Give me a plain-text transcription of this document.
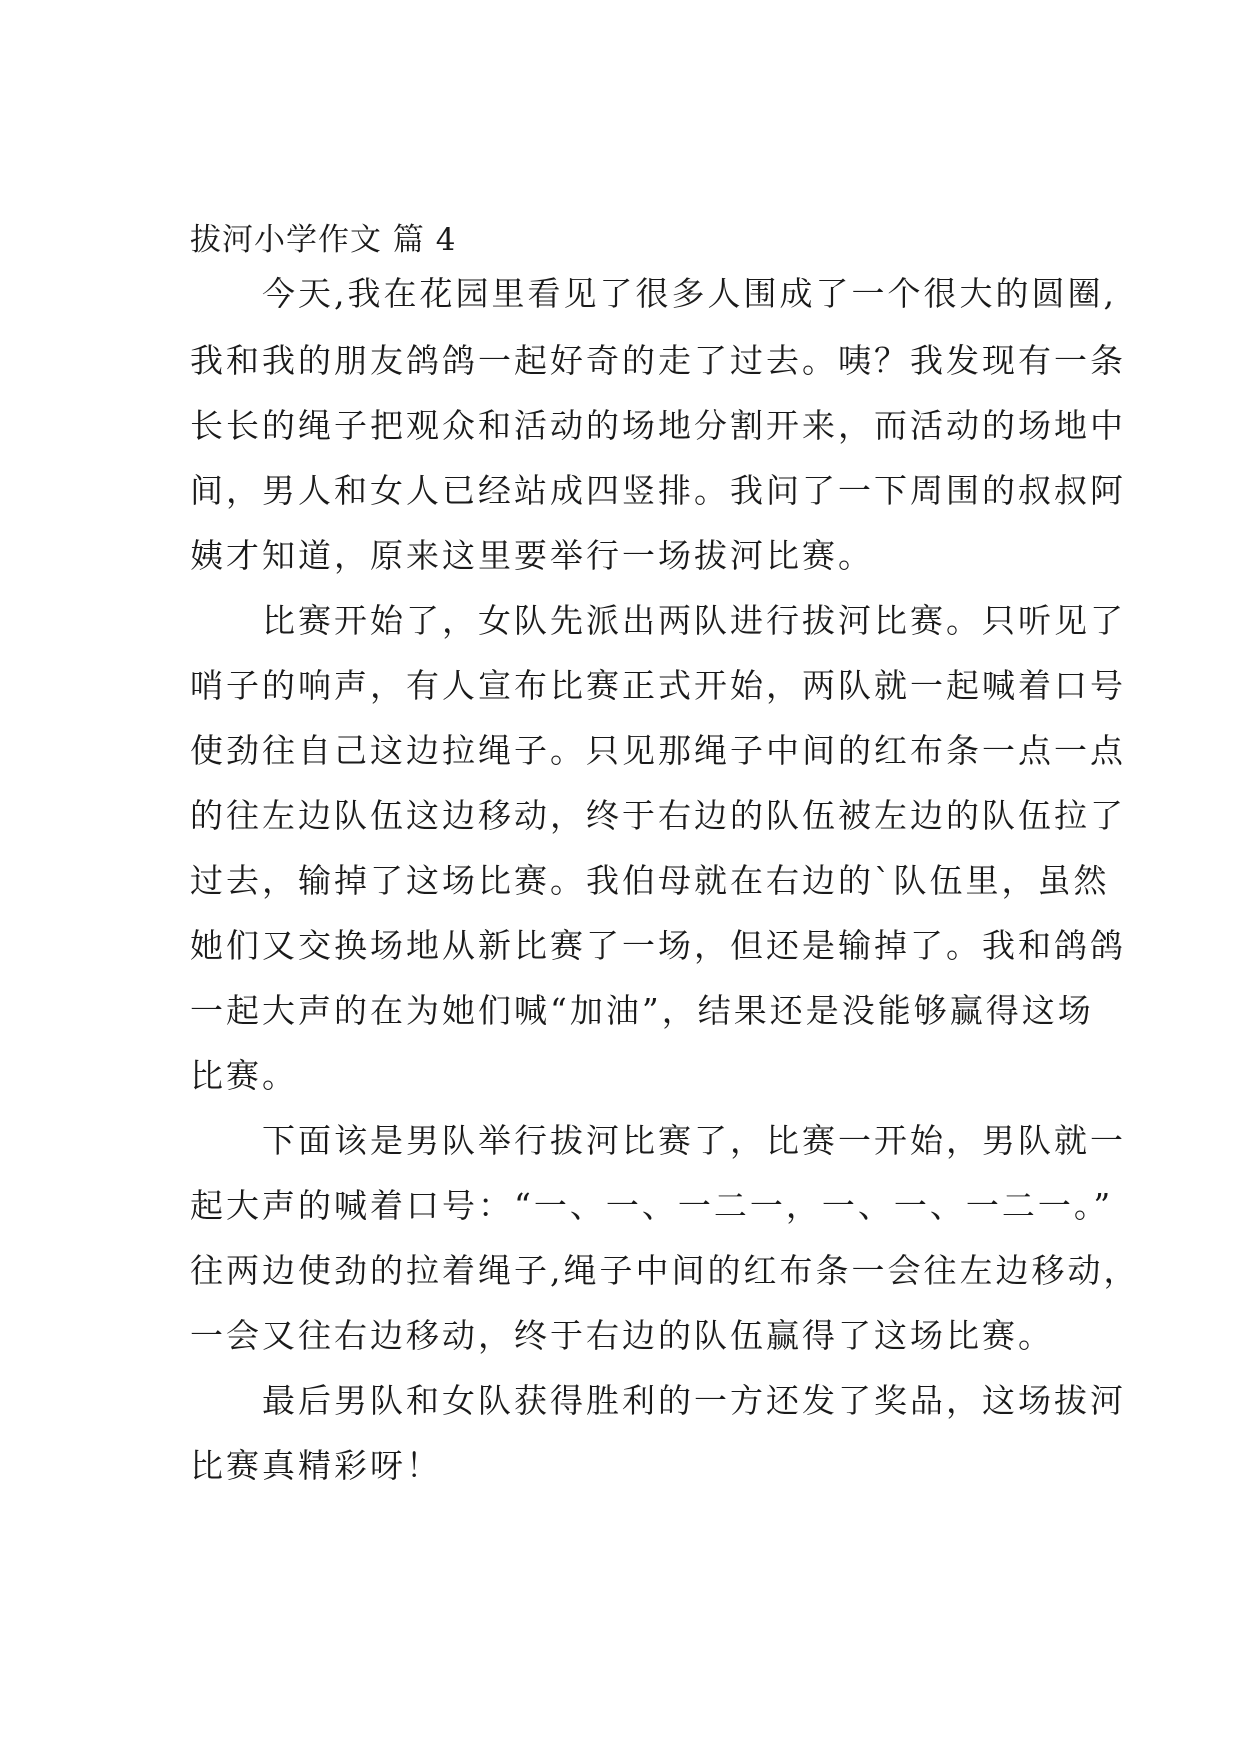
拔河小学作文 篇 4

　　今天,我在花园里看见了很多人围成了一个很大的圆圈,
我和我的朋友鸽鸽一起好奇的走了过去。咦？我发现有一条
长长的绳子把观众和活动的场地分割开来，而活动的场地中
间，男人和女人已经站成四竖排。我问了一下周围的叔叔阿
姨才知道，原来这里要举行一场拔河比赛。

　　比赛开始了，女队先派出两队进行拔河比赛。只听见了
哨子的响声，有人宣布比赛正式开始，两队就一起喊着口号
使劲往自己这边拉绳子。只见那绳子中间的红布条一点一点
的往左边队伍这边移动，终于右边的队伍被左边的队伍拉了
过去，输掉了这场比赛。我伯母就在右边的`队伍里，虽然
她们又交换场地从新比赛了一场，但还是输掉了。我和鸽鸽
一起大声的在为她们喊“加油”，结果还是没能够赢得这场
比赛。

　　下面该是男队举行拔河比赛了，比赛一开始，男队就一
起大声的喊着口号：“一、一、一二一，一、一、一二一。”
往两边使劲的拉着绳子,绳子中间的红布条一会往左边移动，
一会又往右边移动，终于右边的队伍赢得了这场比赛。

　　最后男队和女队获得胜利的一方还发了奖品，这场拔河
比赛真精彩呀！
